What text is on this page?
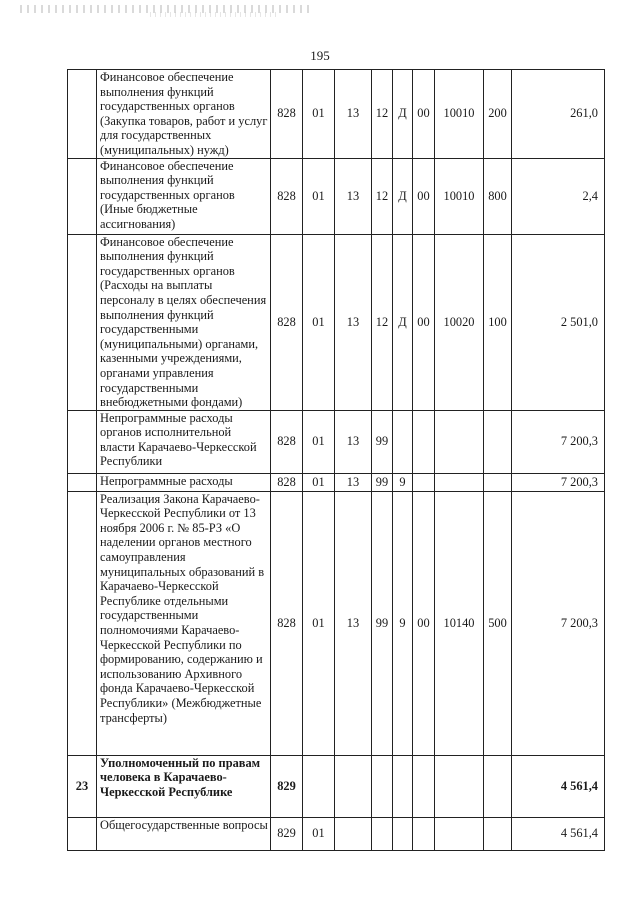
195
	Финансовое обеспечение выполнения функций государственных органов (Закупка товаров, работ и услуг для государственных (муниципальных) нужд)	828	01	13	12	Д	00	10010	200	261,0
	Финансовое обеспечение выполнения функций государственных органов (Иные бюджетные ассигнования)	828	01	13	12	Д	00	10010	800	2,4
	Финансовое обеспечение выполнения функций государственных органов (Расходы на выплаты персоналу в целях обеспечения выполнения функций государственными (муниципальными) органами, казенными учреждениями, органами управления государственными внебюджетными фондами)	828	01	13	12	Д	00	10020	100	2 501,0
	Непрограммные расходы органов исполнительной власти Карачаево-Черкесской Республики	828	01	13	99					7 200,3
	Непрограммные расходы	828	01	13	99	9				7 200,3
	Реализация Закона Карачаево-Черкесской Республики от 13 ноября 2006 г. № 85-РЗ «О наделении органов местного самоуправления муниципальных образований в Карачаево-Черкесской Республике отдельными государственными полномочиями Карачаево-Черкесской Республики по формированию, содержанию и использованию Архивного фонда Карачаево-Черкесской Республики» (Межбюджетные трансферты)	828	01	13	99	9	00	10140	500	7 200,3
23	Уполномоченный по правам человека в Карачаево-Черкесской Республике	829								4 561,4
	Общегосударственные вопросы	829	01							4 561,4
